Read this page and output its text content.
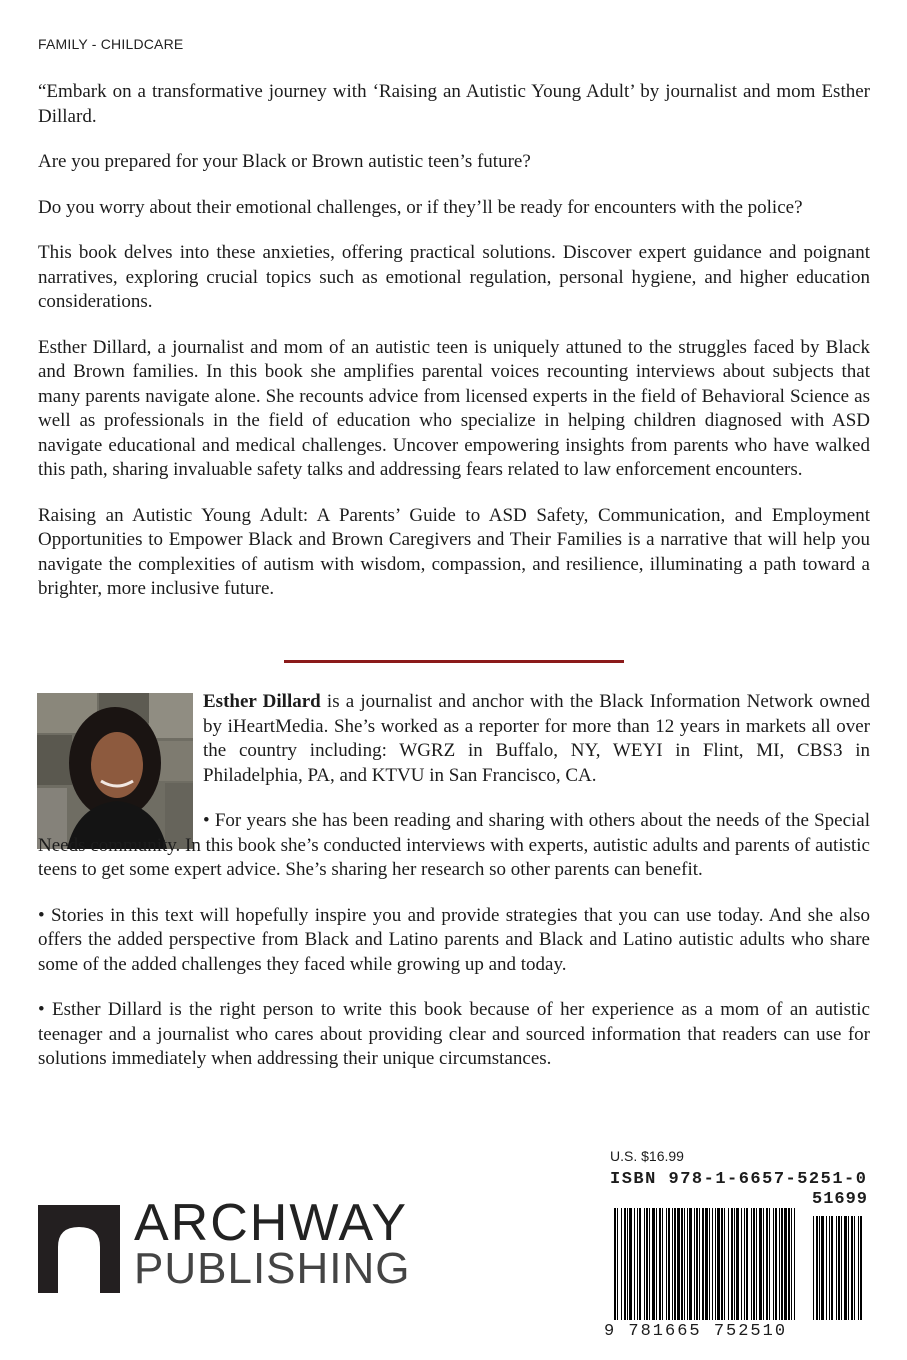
FAMILY - CHILDCARE

“Embark on a transformative journey with ‘Raising an Autistic Young Adult’ by journalist and mom Esther Dillard.

Are you prepared for your Black or Brown autistic teen’s future?

Do you worry about their emotional challenges, or if they’ll be ready for encounters with the police?

This book delves into these anxieties, offering practical solutions. Discover expert guidance and poignant narratives, exploring crucial topics such as emotional regulation, personal hygiene, and higher education considerations.

Esther Dillard, a journalist and mom of an autistic teen is uniquely attuned to the struggles faced by Black and Brown families. In this book she amplifies parental voices recounting interviews about subjects that many parents navigate alone. She recounts advice from licensed experts in the field of Behavioral Science as well as professionals in the field of education who specialize in helping children diagnosed with ASD navigate educational and medical challenges. Uncover empowering insights from parents who have walked this path, sharing invaluable safety talks and addressing fears related to law enforcement encounters.

Raising an Autistic Young Adult: A Parents’ Guide to ASD Safety, Communication, and Employment Opportunities to Empower Black and Brown Caregivers and Their Families is a narrative that will help you navigate the complexities of autism with wisdom, compassion, and resilience, illuminating a path toward a brighter, more inclusive future.

Esther Dillard is a journalist and anchor with the Black Information Network owned by iHeartMedia. She’s worked as a reporter for more than 12 years in markets all over the country including: WGRZ in Buffalo, NY, WEYI in Flint, MI, CBS3 in Philadelphia, PA, and KTVU in San Francisco, CA.

• For years she has been reading and sharing with others about the needs of the Special Needs community. In this book she’s conducted interviews with experts, autistic adults and parents of autistic teens to get some expert advice. She’s sharing her research so other parents can benefit.

• Stories in this text will hopefully inspire you and provide strategies that you can use today. And she also offers the added perspective from Black and Latino parents and Black and Latino autistic adults who share some of the added challenges they faced while growing up and today.

• Esther Dillard is the right person to write this book because of her experience as a mom of an autistic teenager and a journalist who cares about providing clear and sourced information that readers can use for solutions immediately when addressing their unique circumstances.

ARCHWAY
PUBLISHING
U.S. $16.99
ISBN 978-1-6657-5251-0
51699
9 781665 752510
